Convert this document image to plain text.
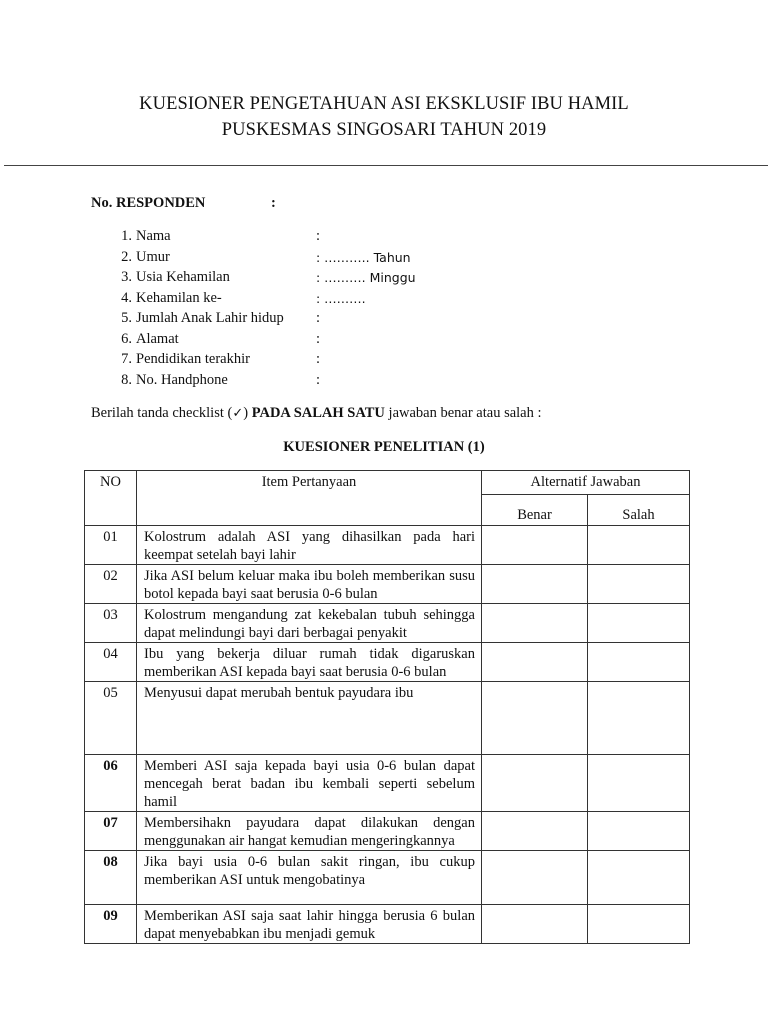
KUESIONER PENGETAHUAN ASI EKSKLUSIF IBU HAMIL
PUSKESMAS SINGOSARI TAHUN 2019
No. RESPONDEN	:
1. Nama	:
2. Umur	: ……….. Tahun
3. Usia Kehamilan	: ………. Minggu
4. Kehamilan ke-	: ……….
5. Jumlah Anak Lahir hidup :
6. Alamat	:
7. Pendidikan terakhir	:
8. No. Handphone	:
Berilah tanda checklist (✓) PADA SALAH SATU jawaban benar atau salah :
KUESIONER PENELITIAN (1)
NO	Item Pertanyaan	Alternatif Jawaban	
		Benar	Salah
01	Kolostrum adalah ASI yang dihasilkan pada hari keempat setelah bayi lahir		
02	Jika ASI belum keluar maka ibu boleh memberikan susu botol kepada bayi saat berusia 0-6 bulan		
03	Kolostrum mengandung zat kekebalan tubuh sehingga dapat melindungi bayi dari berbagai penyakit		
04	Ibu yang bekerja diluar rumah tidak digaruskan memberikan ASI kepada bayi saat berusia 0-6 bulan		
05	Menyusui dapat merubah bentuk payudara ibu		
06	Memberi ASI saja kepada bayi usia 0-6 bulan dapat mencegah berat badan ibu kembali seperti sebelum hamil		
07	Membersihakn payudara dapat dilakukan dengan menggunakan air hangat kemudian mengeringkannya		
08	Jika bayi usia 0-6 bulan sakit ringan, ibu cukup memberikan ASI untuk mengobatinya		
09	Memberikan ASI saja saat lahir hingga berusia 6 bulan dapat menyebabkan ibu menjadi gemuk		
